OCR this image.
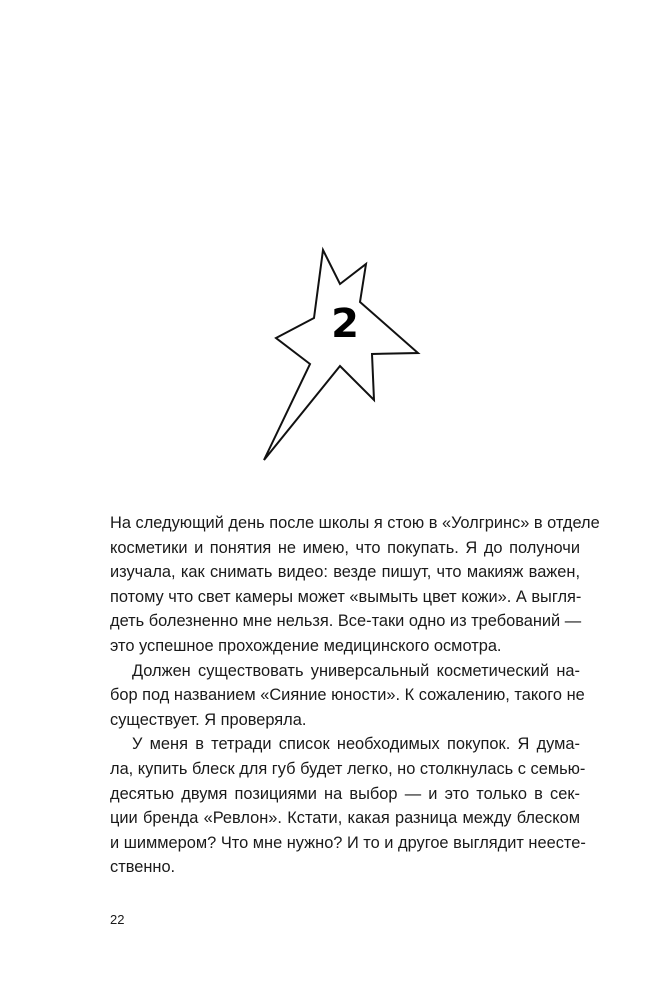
2
На следующий день после школы я стою в «Уолгринс» в отделе
косметики и понятия не имею, что покупать. Я до полуночи
изучала, как снимать видео: везде пишут, что макияж важен,
потому что свет камеры может «вымыть цвет кожи». А выгля-
деть болезненно мне нельзя. Все-таки одно из требований —
это успешное прохождение медицинского осмотра.
Должен существовать универсальный косметический на-
бор под названием «Сияние юности». К сожалению, такого не
существует. Я проверяла.
У меня в тетради список необходимых покупок. Я дума-
ла, купить блеск для губ будет легко, но столкнулась с семью-
десятью двумя позициями на выбор — и это только в сек-
ции бренда «Ревлон». Кстати, какая разница между блеском
и шиммером? Что мне нужно? И то и другое выглядит неесте-
ственно.
22
